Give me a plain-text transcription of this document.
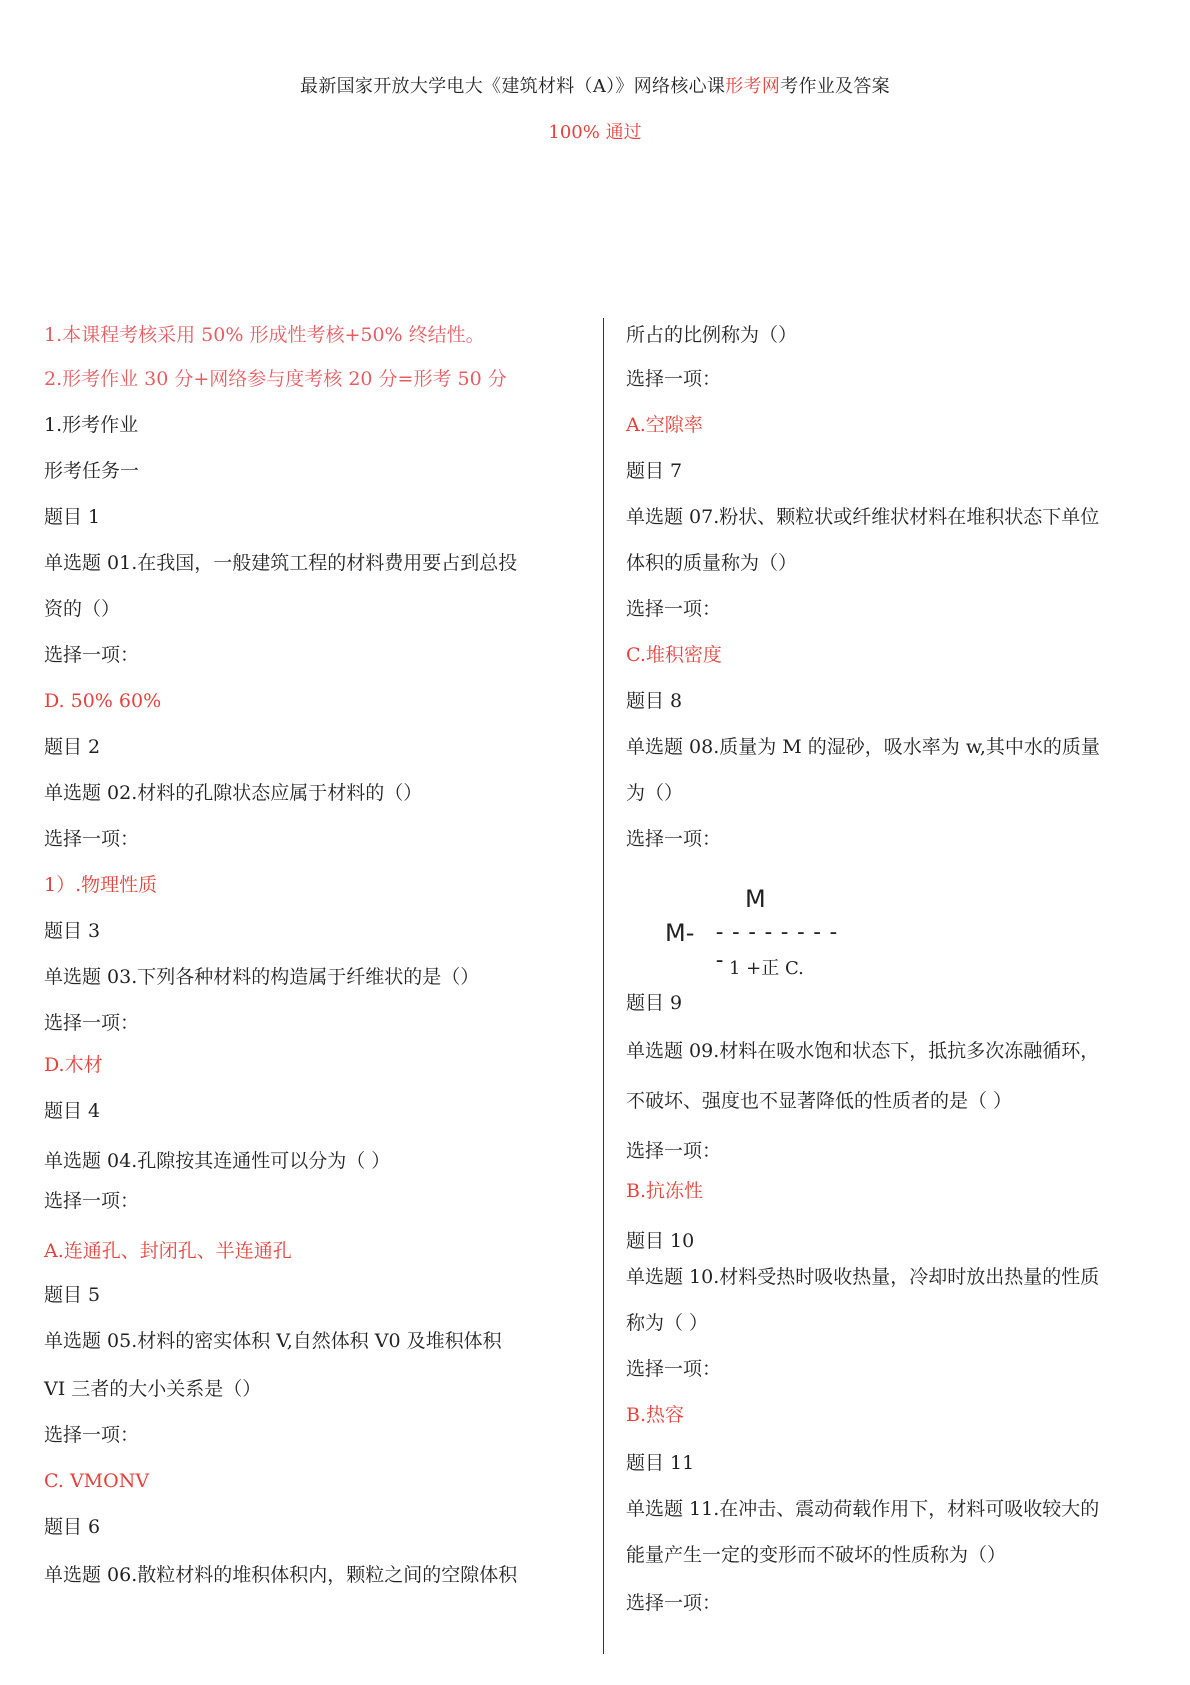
最新国家开放大学电大《建筑材料（A）》网络核心课形考网考作业及答案
100% 通过
1.本课程考核采用 50% 形成性考核+50% 终结性。
2.形考作业 30 分+网络参与度考核 20 分=形考 50 分
1.形考作业
形考任务一
题目 1
单选题 01.在我国，一般建筑工程的材料费用要占到总投
资的（）
选择一项：
D. 50% 60%
题目 2
单选题 02.材料的孔隙状态应属于材料的（）
选择一项：
1）.物理性质
题目 3
单选题 03.下列各种材料的构造属于纤维状的是（）
选择一项：
D.木材
题目 4
单选题 04.孔隙按其连通性可以分为（ ）
选择一项：
A.连通孔、封闭孔、半连通孔
题目 5
单选题 05.材料的密实体积 V,自然体积 V0 及堆积体积
VI 三者的大小关系是（）
选择一项：
C. VMONV
题目 6
单选题 06.散粒材料的堆积体积内，颗粒之间的空隙体积
所占的比例称为（）
选择一项：
A.空隙率
题目 7
单选题 07.粉状、颗粒状或纤维状材料在堆积状态下单位
体积的质量称为（）
选择一项：
C.堆积密度
题目 8
单选题 08.质量为 M 的湿砂，吸水率为 w,其中水的质量
为（）
选择一项：
题目 9
单选题 09.材料在吸水饱和状态下，抵抗多次冻融循环，
不破坏、强度也不显著降低的性质者的是（ ）
选择一项：
B.抗冻性
题目 10
单选题 10.材料受热时吸收热量，冷却时放出热量的性质
称为（ ）
选择一项：
B.热容
题目 11
单选题 11.在冲击、震动荷载作用下，材料可吸收较大的
能量产生一定的变形而不破坏的性质称为（）
选择一项：
M
M- --------- 1 +正 C.
